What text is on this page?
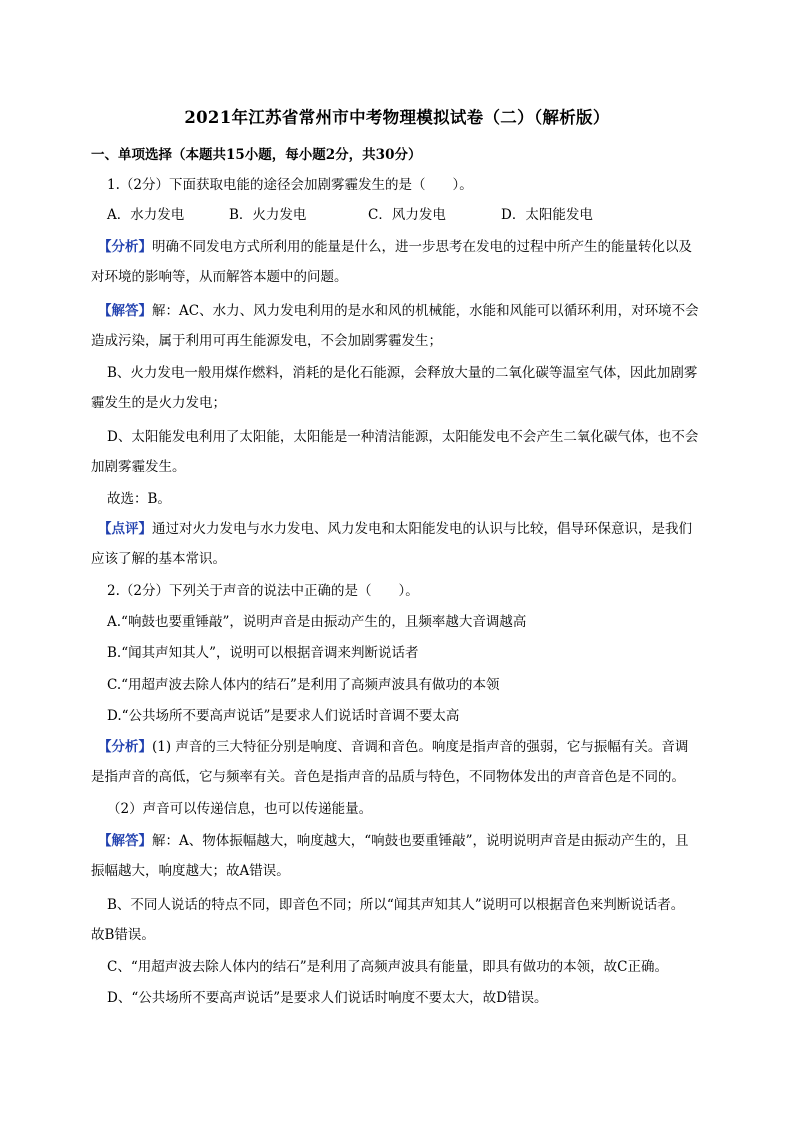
2021年江苏省常州市中考物理模拟试卷（二）（解析版）
一、单项选择（本题共15小题，每小题2分，共30分）
1.（2分）下面获取电能的途径会加剧雾霾发生的是（　　）。
A．水力发电	B．火力发电	C．风力发电	D．太阳能发电
【分析】明确不同发电方式所利用的能量是什么，进一步思考在发电的过程中所产生的能量转化以及
对环境的影响等，从而解答本题中的问题。
【解答】解：AC、水力、风力发电利用的是水和风的机械能，水能和风能可以循环利用，对环境不会
造成污染，属于利用可再生能源发电，不会加剧雾霾发生；
B、火力发电一般用煤作燃料，消耗的是化石能源，会释放大量的二氧化碳等温室气体，因此加剧雾
霾发生的是火力发电；
D、太阳能发电利用了太阳能，太阳能是一种清洁能源，太阳能发电不会产生二氧化碳气体，也不会
加剧雾霾发生。
故选：B。
【点评】通过对火力发电与水力发电、风力发电和太阳能发电的认识与比较，倡导环保意识，是我们
应该了解的基本常识。
2.（2分）下列关于声音的说法中正确的是（　　）。
A.“响鼓也要重锤敲”，说明声音是由振动产生的，且频率越大音调越高
B.“闻其声知其人”，说明可以根据音调来判断说话者
C.“用超声波去除人体内的结石”是利用了高频声波具有做功的本领
D.“公共场所不要高声说话”是要求人们说话时音调不要太高
【分析】(1) 声音的三大特征分别是响度、音调和音色。响度是指声音的强弱，它与振幅有关。音调
是指声音的高低，它与频率有关。音色是指声音的品质与特色，不同物体发出的声音音色是不同的。
（2）声音可以传递信息，也可以传递能量。
【解答】解：A、物体振幅越大，响度越大，“响鼓也要重锤敲”，说明说明声音是由振动产生的，且
振幅越大，响度越大；故A错误。
B、不同人说话的特点不同，即音色不同；所以“闻其声知其人”说明可以根据音色来判断说话者。
故B错误。
C、“用超声波去除人体内的结石”是利用了高频声波具有能量，即具有做功的本领，故C正确。
D、“公共场所不要高声说话”是要求人们说话时响度不要太大，故D错误。
